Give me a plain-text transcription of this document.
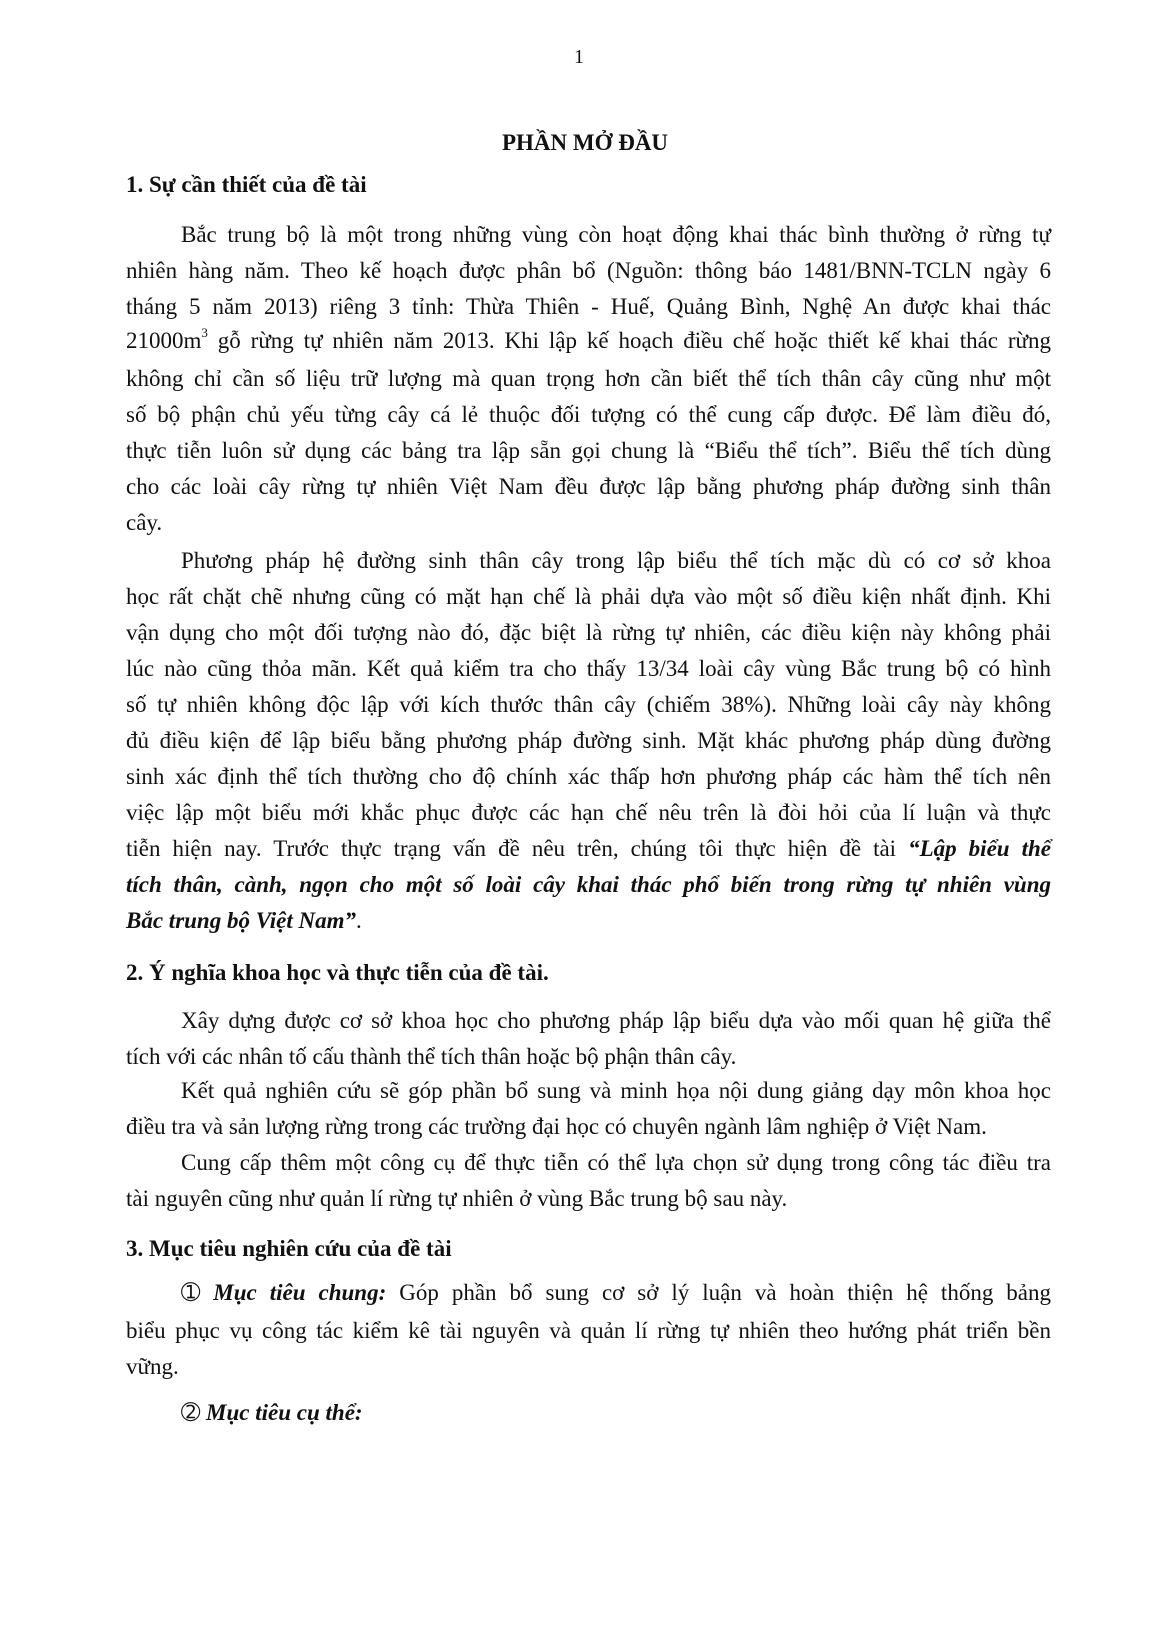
1
PHẦN MỞ ĐẦU
1. Sự cần thiết của đề tài
Bắc trung bộ là một trong những vùng còn hoạt động khai thác bình thường ở rừng tự
nhiên hàng năm. Theo kế hoạch được phân bổ (Nguồn: thông báo 1481/BNN-TCLN ngày 6
tháng 5 năm 2013) riêng 3 tỉnh: Thừa Thiên - Huế, Quảng Bình, Nghệ An được khai thác
$21000m^3$ gỗ rừng tự nhiên năm 2013. Khi lập kế hoạch điều chế hoặc thiết kế khai thác rừng
không chỉ cần số liệu trữ lượng mà quan trọng hơn cần biết thể tích thân cây cũng như một
số bộ phận chủ yếu từng cây cá lẻ thuộc đối tượng có thể cung cấp được. Để làm điều đó,
thực tiễn luôn sử dụng các bảng tra lập sẵn gọi chung là “Biểu thể tích”. Biểu thể tích dùng
cho các loài cây rừng tự nhiên Việt Nam đều được lập bằng phương pháp đường sinh thân
cây.
Phương pháp hệ đường sinh thân cây trong lập biểu thể tích mặc dù có cơ sở khoa
học rất chặt chẽ nhưng cũng có mặt hạn chế là phải dựa vào một số điều kiện nhất định. Khi
vận dụng cho một đối tượng nào đó, đặc biệt là rừng tự nhiên, các điều kiện này không phải
lúc nào cũng thỏa mãn. Kết quả kiểm tra cho thấy 13/34 loài cây vùng Bắc trung bộ có hình
số tự nhiên không độc lập với kích thước thân cây (chiếm 38%). Những loài cây này không
đủ điều kiện để lập biểu bằng phương pháp đường sinh. Mặt khác phương pháp dùng đường
sinh xác định thể tích thường cho độ chính xác thấp hơn phương pháp các hàm thể tích nên
việc lập một biểu mới khắc phục được các hạn chế nêu trên là đòi hỏi của lí luận và thực
tiễn hiện nay. Trước thực trạng vấn đề nêu trên, chúng tôi thực hiện đề tài “Lập biểu thể
tích thân, cành, ngọn cho một số loài cây khai thác phổ biến trong rừng tự nhiên vùng
Bắc trung bộ Việt Nam”.
2. Ý nghĩa khoa học và thực tiễn của đề tài.
Xây dựng được cơ sở khoa học cho phương pháp lập biểu dựa vào mối quan hệ giữa thể
tích với các nhân tố cấu thành thể tích thân hoặc bộ phận thân cây.
Kết quả nghiên cứu sẽ góp phần bổ sung và minh họa nội dung giảng dạy môn khoa học
điều tra và sản lượng rừng trong các trường đại học có chuyên ngành lâm nghiệp ở Việt Nam.
Cung cấp thêm một công cụ để thực tiễn có thể lựa chọn sử dụng trong công tác điều tra
tài nguyên cũng như quản lí rừng tự nhiên ở vùng Bắc trung bộ sau này.
3. Mục tiêu nghiên cứu của đề tài
➀ Mục tiêu chung: Góp phần bổ sung cơ sở lý luận và hoàn thiện hệ thống bảng
biểu phục vụ công tác kiểm kê tài nguyên và quản lí rừng tự nhiên theo hướng phát triển bền
vững.
➁ Mục tiêu cụ thể:
